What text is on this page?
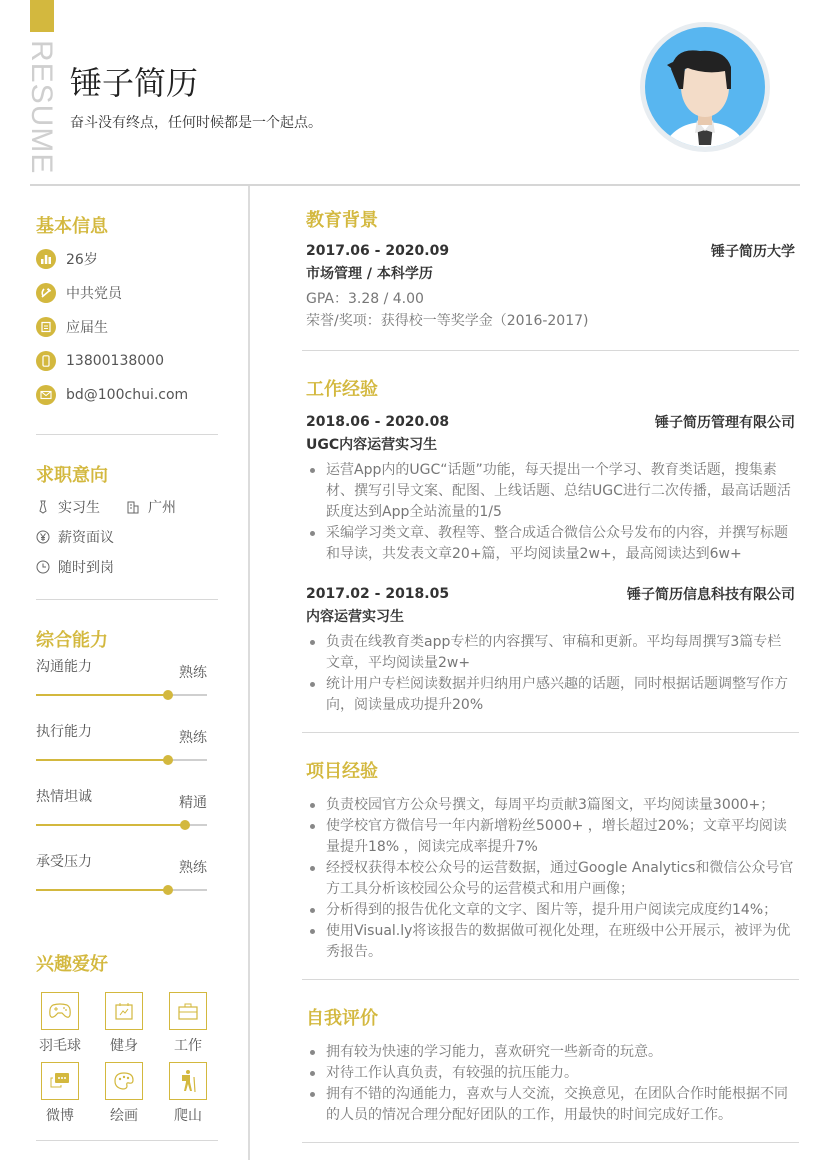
RESUME 锤子简历
奋斗没有终点，任何时候都是一个起点。
基本信息
26岁
中共党员
应届生
13800138000
bd@100chui.com
求职意向
实习生	广州
薪资面议
随时到岗
综合能力
沟通能力	熟练
执行能力	熟练
热情坦诚	精通
承受压力	熟练
兴趣爱好
羽毛球 健身	工作
微博	绘画	爬山
教育背景
2017.06 - 2020.09	锤子简历大学
市场管理 / 本科学历
GPA：3.28 / 4.00
荣誉/奖项：获得校一等奖学金（2016-2017)
工作经验
2018.06 - 2020.08	锤子简历管理有限公司
UGC内容运营实习生
运营App内的UGC“话题”功能，每天提出一个学习、教育类话题，搜集素材、撰写引导文案、配图、上线话题、总结UGC进行二次传播，最高话题活跃度达到App全站流量的1/5
采编学习类文章、教程等、整合成适合微信公众号发布的内容，并撰写标题和导读，共发表文章20+篇，平均阅读量2w+，最高阅读达到6w+
2017.02 - 2018.05	锤子简历信息科技有限公司
内容运营实习生
负责在线教育类app专栏的内容撰写、审稿和更新。平均每周撰写3篇专栏文章，平均阅读量2w+
统计用户专栏阅读数据并归纳用户感兴趣的话题，同时根据话题调整写作方向，阅读量成功提升20%
项目经验
负责校园官方公众号撰文，每周平均贡献3篇图文，平均阅读量3000+；
使学校官方微信号一年内新增粉丝5000+ ，增长超过20%；文章平均阅读量提升18% ，阅读完成率提升7%
经授权获得本校公众号的运营数据，通过Google Analytics和微信公众号官方工具分析该校园公众号的运营模式和用户画像；
分析得到的报告优化文章的文字、图片等，提升用户阅读完成度约14%；
使用Visual.ly将该报告的数据做可视化处理，在班级中公开展示，被评为优秀报告。
自我评价
拥有较为快速的学习能力，喜欢研究一些新奇的玩意。
对待工作认真负责，有较强的抗压能力。
拥有不错的沟通能力，喜欢与人交流，交换意见，在团队合作时能根据不同的人员的情况合理分配好团队的工作，用最快的时间完成好工作。
